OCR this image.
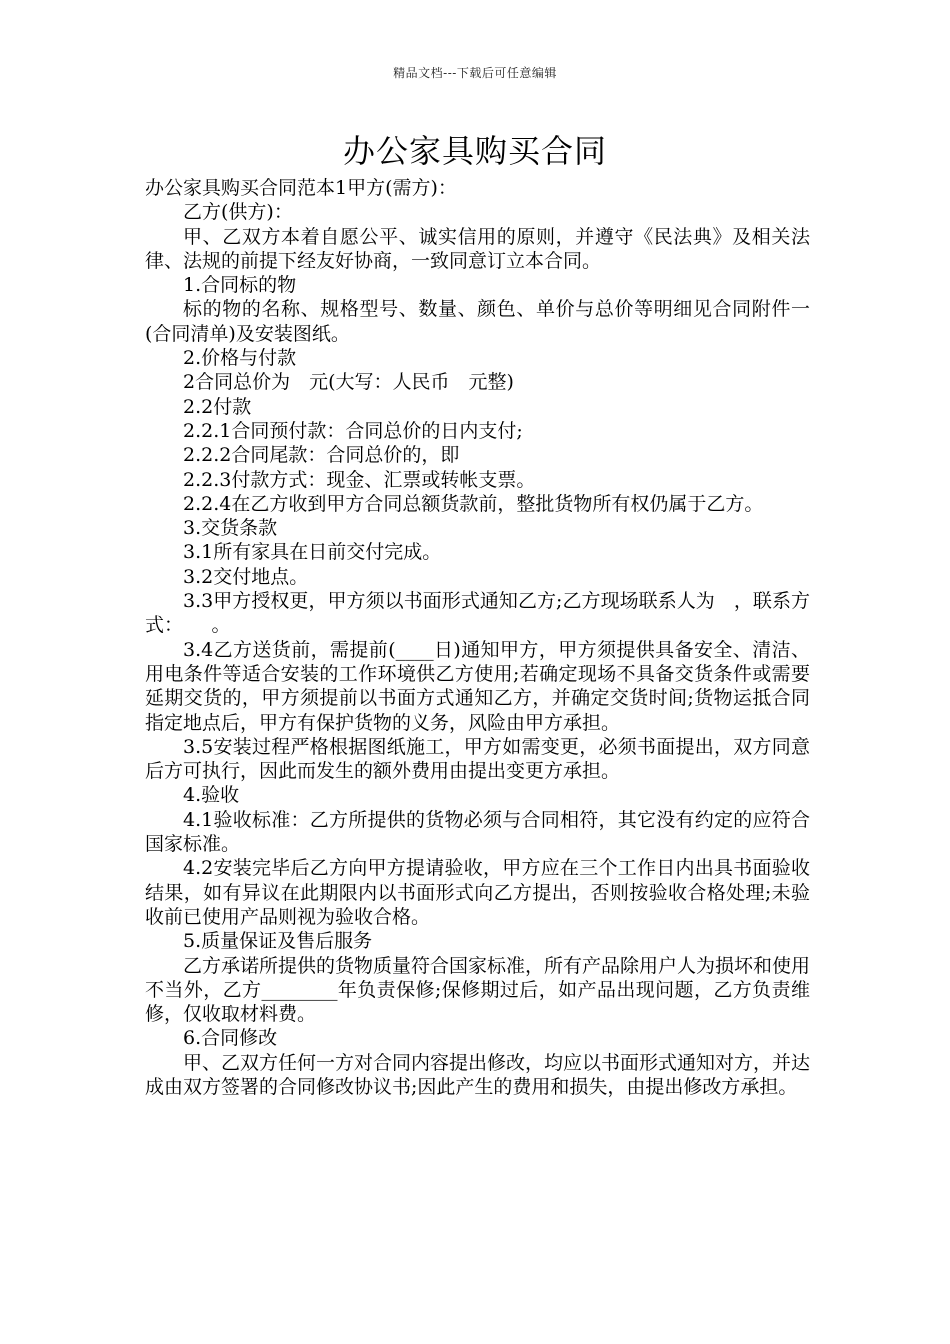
精品文档---下载后可任意编辑
办公家具购买合同

办公家具购买合同范本1甲方(需方)：

乙方(供方)：

甲、乙双方本着自愿公平、诚实信用的原则，并遵守《民法典》及相关法律、法规的前提下经友好协商，一致同意订立本合同。

1.合同标的物

标的物的名称、规格型号、数量、颜色、单价与总价等明细见合同附件一(合同清单)及安装图纸。

2.价格与付款

2合同总价为　元(大写：人民币　元整)

2.2付款

2.2.1合同预付款：合同总价的日内支付;

2.2.2合同尾款：合同总价的，即

2.2.3付款方式：现金、汇票或转帐支票。

2.2.4在乙方收到甲方合同总额货款前，整批货物所有权仍属于乙方。

3.交货条款

3.1所有家具在日前交付完成。

3.2交付地点。

3.3甲方授权更，甲方须以书面形式通知乙方;乙方现场联系人为　，联系方式：　　。

3.4乙方送货前，需提前(____日)通知甲方，甲方须提供具备安全、清洁、用电条件等适合安装的工作环境供乙方使用;若确定现场不具备交货条件或需要延期交货的，甲方须提前以书面方式通知乙方，并确定交货时间;货物运抵合同指定地点后，甲方有保护货物的义务，风险由甲方承担。

3.5安装过程严格根据图纸施工，甲方如需变更，必须书面提出，双方同意后方可执行，因此而发生的额外费用由提出变更方承担。

4.验收

4.1验收标准：乙方所提供的货物必须与合同相符，其它没有约定的应符合国家标准。

4.2安装完毕后乙方向甲方提请验收，甲方应在三个工作日内出具书面验收结果，如有异议在此期限内以书面形式向乙方提出，否则按验收合格处理;未验收前已使用产品则视为验收合格。

5.质量保证及售后服务

乙方承诺所提供的货物质量符合国家标准，所有产品除用户人为损坏和使用不当外，乙方________年负责保修;保修期过后，如产品出现问题，乙方负责维修，仅收取材料费。

6.合同修改

甲、乙双方任何一方对合同内容提出修改，均应以书面形式通知对方，并达成由双方签署的合同修改协议书;因此产生的费用和损失，由提出修改方承担。
